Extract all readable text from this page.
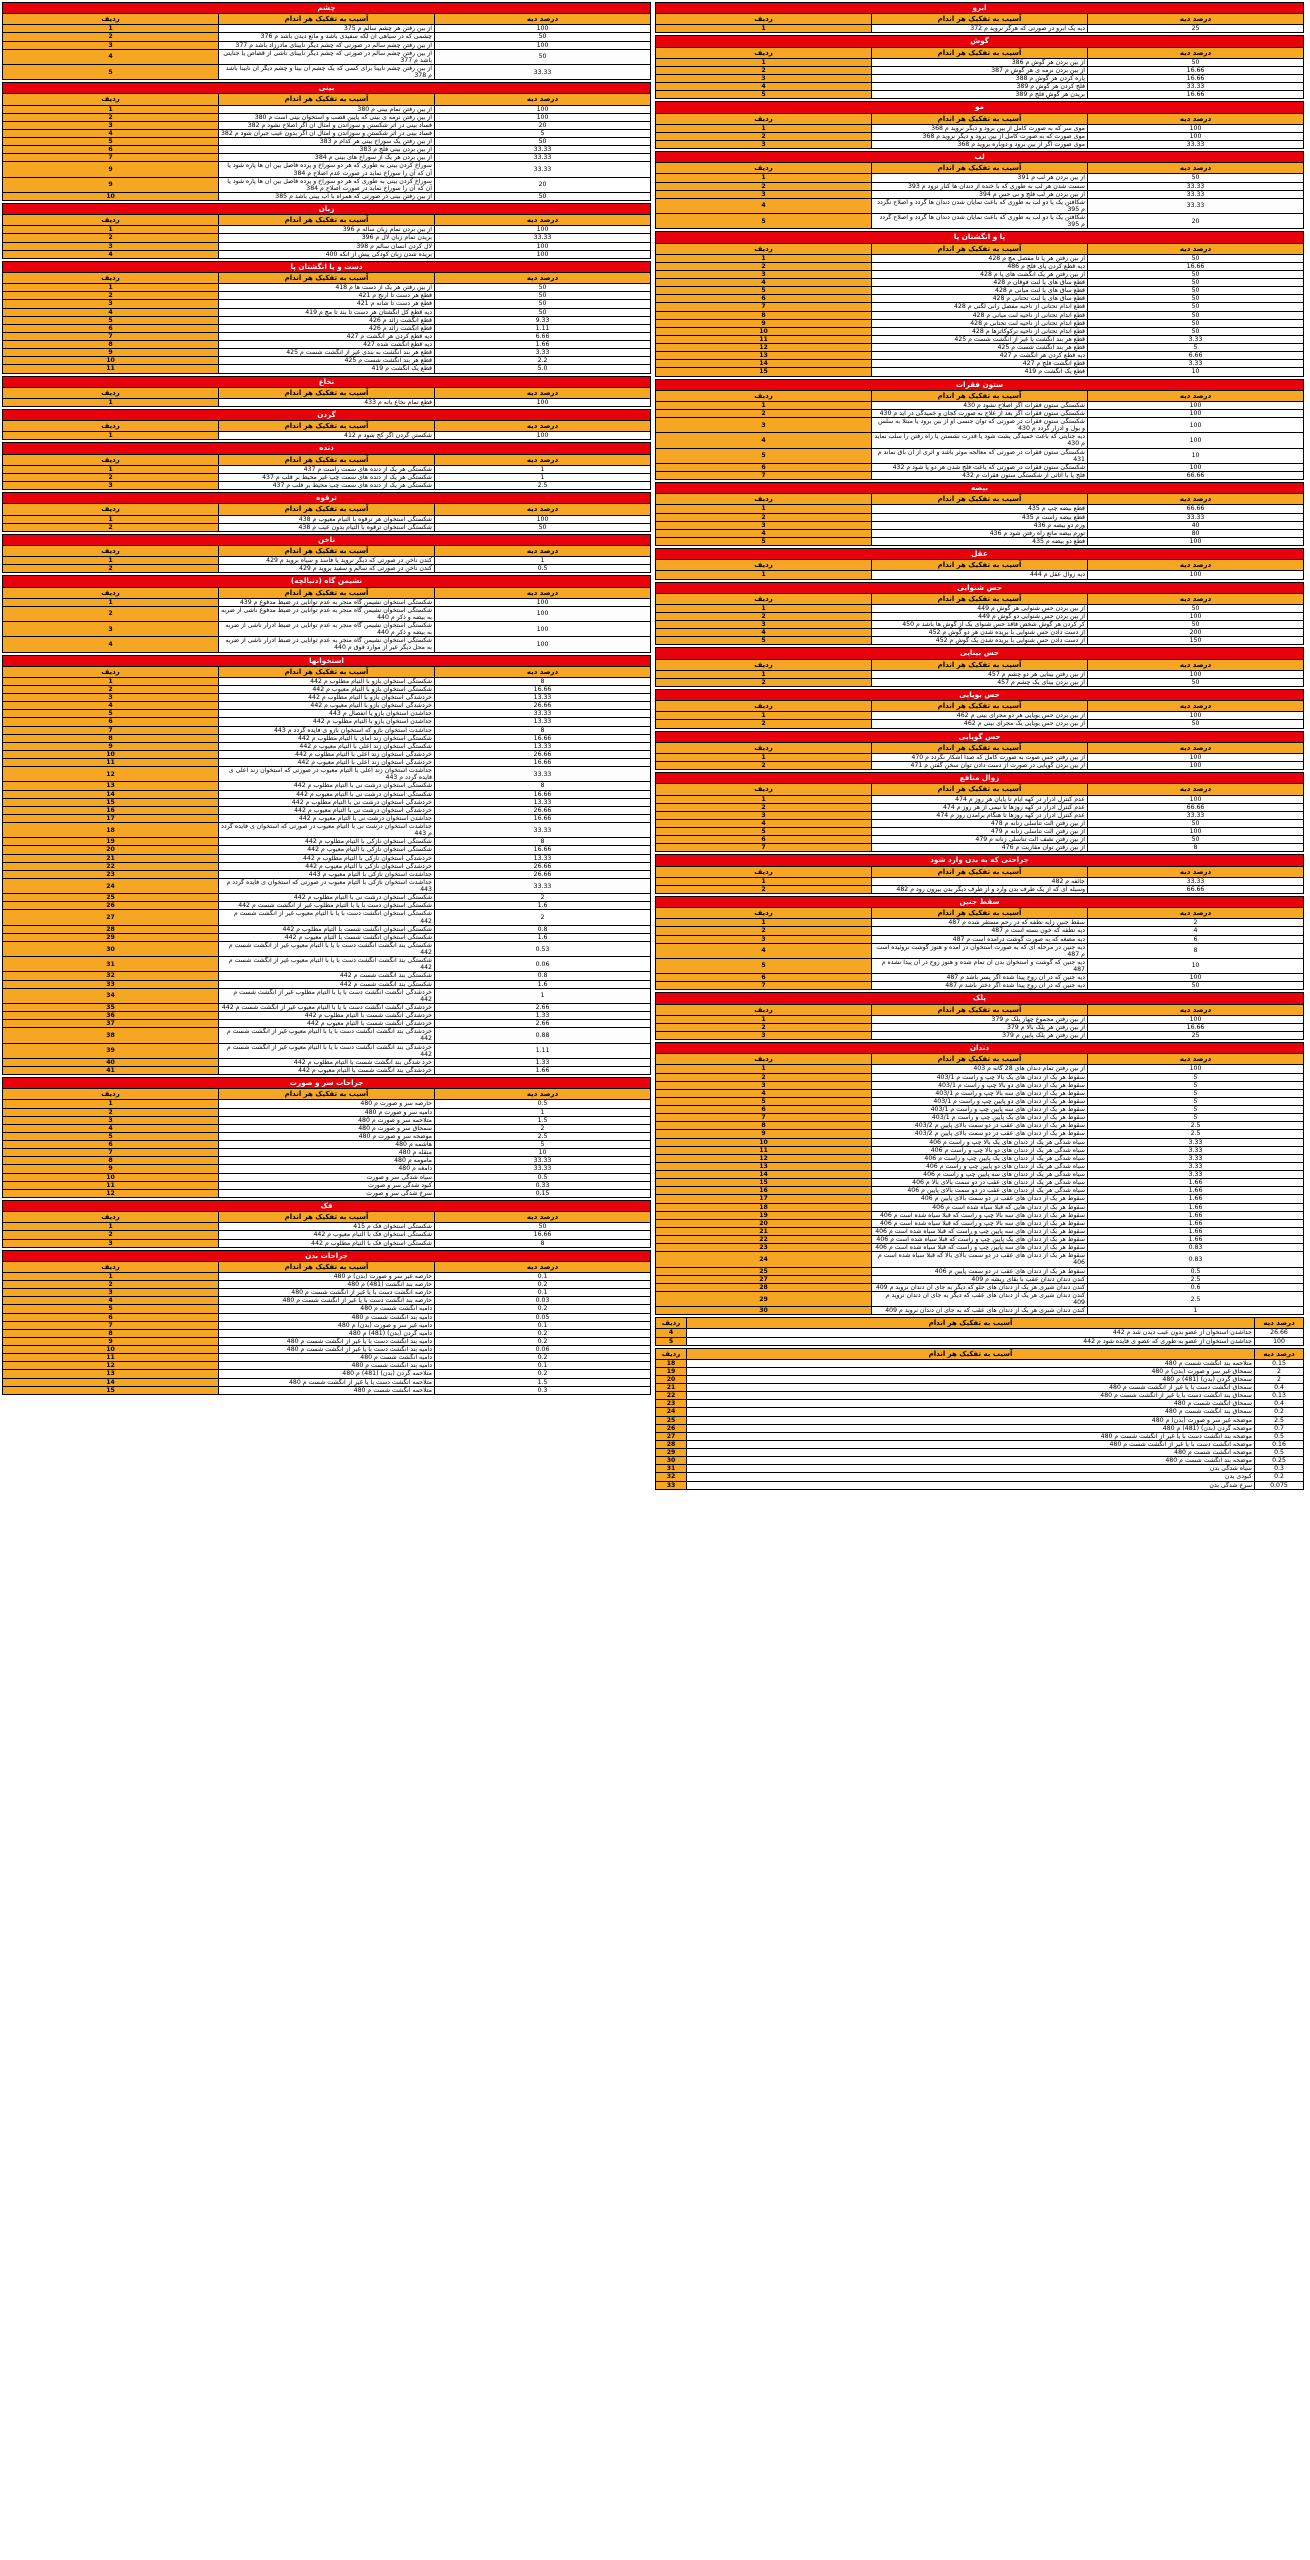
چشم		
درصد دیه	آسیب به تفکیک هر اندام	ردیف
100	از بین رفتن هر چشم سالم م 375	1
50	چشمی که در سیاهی آن لکه سفیدی باشد و مانع دیدن باشد م 376	2
100	از بین رفتن چشم سالم در صورتی که چشم دیگر نابینای مادرزاد باشد م 377	3
50	از بین رفتن چشم سالم در صورتی که چشم دیگر نابینای ناشی از قصاص یا جنایتی باشد م 377	4
33.33	از بین رفتن چشم نابینا برای کسی که یک چشم آن بینا و چشم دیگر آن نابینا باشد م 378	5
بینی		
درصد دیه	آسیب به تفکیک هر اندام	ردیف
100	از بین رفتن تمام بینی م 380	1
100	از بین رفتن نرمه ی بینی که پایین قصب و استخوان بینی است م 380	2
20	فساد بینی در اثر شکستن و سوزاندن و امثال آن اگر اصلاح نشود م 382	3
5	فساد بینی در اثر شکستن و سوزاندن و امثال آن اگر بدون عیب جبران شود م 382	4
50	از بین رفتن یک سوراخ بینی هر کدام م 383	5
33.33	از بین بردن بینی فلج م 383	6
33.33	از بین بردن هر یک از سوراخ های بینی م 384	7
33.33	سوراخ کردن بینی به طوری که هر دو سوراخ و پرده فاصل بین آن ها پاره شود یا آن که آن را سوراخ نماید در صورت عدم اصلاح م 384	9
20	سوراخ کردن بینی به طوری که هر دو سوراخ و پرده فاصل بین آن ها پاره شود یا آن که آن را سوراخ نماید در صورت اصلاح م 384	9
50	از بین رفتن بینی در صورتی که همراه با آب بینی باشد م 385	10
زبان		
درصد دیه	آسیب به تفکیک هر اندام	ردیف
100	از بین بردن تمام زبان ساله م 396	1
33.33	بریدن تمام زبان لال م 396	2
100	لال کردن انسان سالم م 398	3
100	بریده شدن زبان کودکی پیش از آنکه 400	4
دست و یا انگشتان پا		
درصد دیه	آسیب به تفکیک هر اندام	ردیف
50	از بین رفتن هر یک از دست ها م 418	1
50	قطع هر دست تا آرنج م 421	2
50	قطع هر دست تا شانه م 421	3
50	دیه قطع کل انگشتان هر دست تا بند تا مچ م 419	4
9.33	قطع انگشت زائد م 426	5
1.11	قطع انگشت زائد م 426	6
6.66	دیه قطع کردن هر انگشت م 427	7
1.66	دیه قطع انگشت شده 427	8
3.33	قطع هر بند انگشت به بندی غیر از انگشت شست م 425	9
2.2	قطع هر بند انگشت شست م 425	10
5.0	قطع یک انگشت م 419	11
نخاع		
درصد دیه	آسیب به تفکیک هر اندام	ردیف
100	قطع تمام نخاع بانه م 433	1
گردن		
درصد دیه	آسیب به تفکیک هر اندام	ردیف
100	شکستن گردن اگر کج شود م 412	1
دنده		
درصد دیه	آسیب به تفکیک هر اندام	ردیف
1	شکستگی هر یک از دنده های سمت راست م 437	1
1	شکستگی هر یک از دنده های سمت چپ غیر محیط بر قلب م 437	2
2.5	شکستگی هر یک از دنده های سمت چپ محیط بر قلب م 437	3
ترقوه		
درصد دیه	آسیب به تفکیک هر اندام	ردیف
100	شکستگی استخوان هر ترقوه با التیام معیوب م 438	1
50	شکستگی استخوان ترقوه با التیام بدون عیب م 438	2
ناخن		
درصد دیه	آسیب به تفکیک هر اندام	ردیف
1	کندن ناخن در صورتی که دیگر نروید یا فاسد و سیاه بروید م 429	1
0.5	کندن ناخن در صورتی که سالم و سفید بروید م 429	2
نشیمن گاه (دنبالچه)		
درصد دیه	آسیب به تفکیک هر اندام	ردیف
100	شکستگی استخوان نشیمن گاه منجر به عدم توانایی در ضبط مدفوع م 439	1
100	شکستگی استخوان نشیمن گاه منجر به عدم توانایی در ضبط مدفوع ناشی از ضربه به بیضه و ذکر م 440	2
100	شکستگی استخوان نشیمن گاه منجر به عدم توانایی در ضبط ادرار ناشی از ضربه به بیضه و ذکر م 440	3
100	شکستگی استخوان نشیمن گاه منجر به عدم توانایی در ضبط ادرار ناشی از ضربه به محل دیگر غیر از موارد فوق م 440	4
استخوانها		
درصد دیه	آسیب به تفکیک هر اندام	ردیف
8	شکستگی استخوان بازو با التیام مطلوب م 442	1
16.66	شکستگی استخوان بازو با التیام معیوب م 442	2
13.33	خردشدگی استخوان بازو با التیام مطلوب م 442	3
26.66	خردشدگی استخوان بازو با التیام معیوب م 442	4
33.33	جداشدن استخوان بازو یا انفصال م 443	5
13.33	جداشدن استخوان بازو با التیام مطلوب م 442	6
8	جداشدت استخوان بازو که استخوان بازو ی فایده گردد م 443	7
16.66	شکستگی استخوان زند امای با التیام مطلوب م 442	8
13.33	شکستگی استخوان زند اعلی با التیام معیوب م 442	9
26.66	خردشدگی استخوان زند اعلی با التیام مطلوب م 442	10
16.66	خردشدگی استخوان زند اعلی با التیام معیوب م 442	11
33.33	جداشدت استخوان زند اعلی با التیام معیوب در صورتی که استخوان زند اعلی ی فایده گردد م 443	12
8	شکستگی استخوان درشت نی با التیام مطلوب م 442	13
16.66	شکستگی استخوان درشت نی با التیام معیوب م 442	14
13.33	خردشدگی استخوان درشت نی با التیام مطلوب م 442	15
26.66	خردشدگی استخوان درشت نی با التیام معیوب م 442	16
16.66	جداشدن استخوان درشت نی با التیام معیوب م 442	17
33.33	جداشدت استخوان درشت نی با التیام معیوب در صورتی که استخوان ی فایده گردد م 443	18
8	شکستگی استخوان نازکی با التیام مطلوب م 442	19
16.66	شکستگی استخوان نازکی با التیام معیوب م 442	20
13.33	خردشدگی استخوان نازکی با التیام مطلوب م 442	21
26.66	خردشدگی استخوان نازکی با التیام معیوب م 442	22
26.66	جداشدت استخوان نازکی با التیام معیوب م 443	23
33.33	جداشدت استخوان نازکی با التیام معیوب در صورتی که استخوان ی فایده گردد م 443	24
2	شکستگی استخوان درشت نی با التیام مطلوب م 442	25
1.6	شکستگی استخوان دست با یا با التیام مطلوب غیر از انگشت شست م 442	26
2	شکستگی استخوان انگشت دست با یا با التیام معیوب غیر از انگشت شست م 442	27
0.8	شکستگی استخوان انگشت شست با التیام مطلوب م 442	28
1.6	شکستگی استخوان انگشت شست با التیام معیوب م 442	29
0.53	شکستگی بند انگشت انگشت دست با یا با التیام معیوب غیر از انگشت شست م 442	30
0.06	شکستگی بند انگشت انگشت دست با یا با التیام معیوب غیر از انگشت شست م 442	31
0.8	شکستگی بند انگشت شست م 442	32
1.6	شکستگی بند انگشت شست م 442	33
1	خردشدگی انگشت انگشت دست با یا با التیام مطلوب غیر از انگشت شست م 442	34
2.66	خردشدگی انگشت انگشت دست با یا با التیام معیوب غیر از انگشت شست م 442	35
1.33	خردشدگی انگشت شست با التیام مطلوب م 442	36
2.66	خردشدگی انگشت شست با التیام معیوب م 442	37
0.88	خردشدگی بند انگشت انگشت دست با یا با التیام معیوب غیر از انگشت شست م 442	38
1.11	خردشدگی بند انگشت انگشت دست با یا با التیام معیوب غیر از انگشت شست م 442	39
1.33	خرد شدگی بند انگشت شست با التیام مطلوب م 442	40
1.66	خردشدگی بند انگشت شست با التیام معیوب م 442	41
جراحات سر و صورت		
درصد دیه	آسیب به تفکیک هر اندام	ردیف
0.5	حارصه سر و صورت م 480	1
1	دامیه سر و صورت م 480	2
1.5	متلاحمه سر و صورت م 480	3
2	سمحاق سر و صورت م 480	4
2.5	موضحه سر و صورت م 480	5
5	هاشمه م 480	6
10	منقله م 480	7
33.33	مأمومه م 480	8
33.33	دامغه م 480	9
0.5	سیاه شدگی سر و صورت	10
0.33	کبود شدگی سر و صورت	11
0.15	سرخ شدگی سر و صورت	12
فک		
درصد دیه	آسیب به تفکیک هر اندام	ردیف
50	شکستگی استخوان فک م 415	1
16.66	شکستگی استخوان فک با التیام معیوب م 442	2
8	شکستگی استخوان فک با التیام مطلوب م 442	3
جراحات بدن		
درصد دیه	آسیب به تفکیک هر اندام	ردیف
0.1	حارصه غیر سر و صورت (بدن) م 480	1
0.2	حارصه بند انگشت (481) م 480	2
0.1	حارصه انگشت دست با یا غیر از انگشت شست م 480	3
0.03	حارصه بند انگشت دست با یا غیر از انگشت شست م 480	4
0.2	دامیه انگشت شست م 480	5
0.05	دامیه بند انگشت شست م 480	6
0.1	دامیه غیر سر و صورت (بدن) م 480	7
0.2	دامیه گردن (بدن) (481) م 480	8
0.2	دامیه بند انگشت دست با یا غیر از انگشت شست م 480	9
0.06	دامیه بند انگشت دست با یا غیر از انگشت شست م 480	10
0.2	دامیه انگشت شست م 480	11
0.1	دامیه بند انگشت شست م 480	12
0.2	متلاحمه گردن (بدن) (481) م 480	13
1.5	متلاحمه انگشت دست با یا غیر از انگشت شست م 480	14
0.3	متلاحمه انگشت شست م 480	15
ابرو		
درصد دیه	آسیب به تفکیک هر اندام	ردیف
25	دیه یک ابرو در صورتی که هرگز نروید م 372	1
گوش		
درصد دیه	آسیب به تفکیک هر اندام	ردیف
50	از بین بردن هر گوش م 386	1
16.66	از بین بردن نرمه ی هر گوش م 387	2
16.66	پاره کردن هر گوش م 388	3
33.33	فلج کردن هر گوش م 389	4
16.66	بریدن هر گوش فلج م 389	5
مو		
درصد دیه	آسیب به تفکیک هر اندام	ردیف
100	موی سر که به صورت کامل از بین برود و دیگر نروید م 368	1
100	موی صورت که به صورت کامل از بین برود و دیگر نروید م 368	2
33.33	موی صورت اگر از بین برود و دوباره بروید م 368	3
لب		
درصد دیه	آسیب به تفکیک هر اندام	ردیف
50	از بین بردن هر لب م 391	1
33.33	سست شدن هر لب به طوری که با خنده از دندان ها کنار نرود م 393	2
33.33	از بین بردن هر لب فلج و بی حس م 394	3
33.33	شکافتن یک یا دو لب به طوری که باعث نمایان شدن دندان ها گردد و اصلاح نگردد م 395	4
20	شکافتن یک یا دو لب به طوری که باعث نمایان شدن دندان ها گردد و اصلاح گردد م 395	5
پا و انگشتان پا		
درصد دیه	آسیب به تفکیک هر اندام	ردیف
50	از بین رفتن هر پا تا مفصل مچ م 428	1
16.66	دیه قطع کردن پای فلج م 486	2
50	از بین رفتن هر یک انگشت های پا م 428	3
50	قطع ساق های پا لنت فوقان م 428	4
50	قطع ساق های پا لنت میانی م 428	5
50	قطع ساق های پا لنت تحتانی م 428	6
50	قطع اندام تحتانی از ناحیه مفصل رانی لگنی م 428	7
50	قطع اندام تحتانی از ناحیه لنت میانی م 428	8
50	قطع اندام تحتانی از ناحیه لنت تحتانی م 428	9
50	قطع اندام تحتانی از ناحیه ترکوکاترها م 428	10
3.33	قطع هر بند انگشت پا غیر از انگشت شست م 425	11
5	قطع هر بند انگشت شست م 425	12
6.66	دیه قطع کردن هر انگشت م 427	13
3.33	قطع انگشت فلج م 427	14
10	قطع یک انگشت م 419	15
ستون فقرات		
درصد دیه	آسیب به تفکیک هر اندام	ردیف
100	شکستگی ستون فقرات اگر اصلاح نشود م 430	1
100	شکستگی ستون فقرات اگر بعد از علاج به صورت کجان و خمیدگی در آید م 430	2
100	شکستگی ستون فقرات در صورتی که توان جنسی او از بین برود یا مبتلا به سلس و بول و ادرار گردد م 430	3
100	دیه جنایتی که باعث خمیدگی پشت شود یا قدرت نشستن یا راه رفتن را سلب نماید م 430	4
10	شکستگی ستون فقرات در صورتی که معالجه موثر باشد و اثری از آن باق نماند م 431	5
100	شکستگی ستون فقرات در صورتی که باعث فلج شدن هر دو پا شود م 432	6
66.66	فلج پا با اثاثی از شکستگی ستون فقرات م 432	7
بیضه		
درصد دیه	آسیب به تفکیک هر اندام	ردیف
66.66	قطع بیضه چپ م 435	1
33.33	قطع بیضه راست م 435	2
40	ورم دو بیضه م 436	3
80	تورم بیضه مانع راه رفتن شود م 436	4
100	قطع دو بیضه م 435	5
عقل		
درصد دیه	آسیب به تفکیک هر اندام	ردیف
100	دیه زوال عقل م 444	1
حس شنوایی		
درصد دیه	آسیب به تفکیک هر اندام	ردیف
50	از بین بردن حس شنوایی هر گوش م 449	1
100	از بین بردن حس شنوایی دو گوش م 449	2
50	کر کردن هر گوش شخص فاقد حس شنوای یک از گوش ها باشد م 450	3
200	از دست دادن حس شنوایی با بریده شدن هر دو گوش م 452	4
150	از دست دادن حس شنوایی با بریده شدن یک گوش م 452	5
حس بینایی		
درصد دیه	آسیب به تفکیک هر اندام	ردیف
100	از بین رفتن بینایی هر دو چشم م 457	1
50	از بین بردن بینای یک چشم م 457	2
حس بویایی		
درصد دیه	آسیب به تفکیک هر اندام	ردیف
100	از بین بردن حس بویایی هر دو مجرای بینی م 462	1
50	از بین بردن حس بویایی یک مجرای بینی م 462	2
حس گویایی		
درصد دیه	آسیب به تفکیک هر اندام	ردیف
100	از بین رفتن حس صوت به صورت کامل که صدا آشکار نگردد م 470	1
100	از بین بردن گویایی در صورت از دست دادن توان سخن گفتن م 471	2
زوال منافع		
درصد دیه	آسیب به تفکیک هر اندام	ردیف
100	عدم کنترل ادرار در کهه ایام تا پایان هر روز م 474	1
66.66	عدم کنترل ادرار در کهه روزها تا نیمی از هر روز م 474	2
33.33	عدم کنترل ادرار در کهه روزها تا هنگام برآمدن روز م 474	3
50	از بین رفتن آلت تناسلی زنانه م 478	4
100	از بین رفتن آلت تناسلی زنانه م 479	5
50	از بین رفتن نصف آلت تناسلی زنانه م 479	6
8	از بین رفتن توان مقاربت م 476	7
جراحتی که به بدن وارد شود		
درصد دیه	آسیب به تفکیک هر اندام	ردیف
33.33	جائفه م 482	1
66.66	وسیله ای که از یک طرف بدن وارد و از طرف دیگر بدن بیرون رود م 482	2
سقط جنین		
درصد دیه	آسیب به تفکیک هر اندام	ردیف
2	سقط جنین زایه نطفه که در رحم مستقر شده م 487	1
4	دیه نطفه که خون بسته است م 487	2
6	دیه مضغه که به صورت گوشت درآمده است م 487	3
8	دیه جنین در مرحله ای که به صورت استخوان در آمده و هنوز گوشت نروئیده است م 487	4
10	دیه جنین که گوشت و استخوان بدن آن تمام شده و هنوز روح در آن پیدا نشده م 487	5
100	دیه جنین که در آن روح پیدا شده اگر پسر باشد م 487	6
50	دیه جنین که در آن روح پیدا شده اگر دختر باشد م 487	7
پلک		
درصد دیه	آسیب به تفکیک هر اندام	ردیف
100	از بین رفتن مجموع چهار پلک م 379	1
16.66	از بین رفتن هر پلک بالا م 379	2
25	از بین رفتن هر پلک پایین م 379	3
دندان		
درصد دیه	آسیب به تفکیک هر اندام	ردیف
100	از بین رفتن تمام دندان های 28 گانه م 403	1
5	سقوط هر یک از دندان های یک بالا چپ و راست م 403/1	2
5	سقوط هر یک از دندان های دو بالا چپ و راست م 403/1	3
5	سقوط هر یک از دندان های سه بالا چپ و راست م 403/1	4
5	سقوط هر یک از دندان های دو پایین چپ و راست م 403/1	5
5	سقوط هر یک از دندان های سه پایین چپ و راست م 403/1	6
5	سقوط هر یک از دندان های یک پایین چپ و راست م 403/1	7
2.5	سقوط هر یک از دندان های عقب در دو سمت بالای پایین م 403/2	8
2.5	سقوط هر یک از دندان های عقب در دو سمت بالای پایین م 403/2	9
3.33	سیاه شدگی هر یک از دندان های یک بالا چپ و راست م 406	10
3.33	سیاه شدگی هر یک از دندان های دو بالا چپ و راست م 406	11
3.33	سیاه شدگی هر یک از دندان های یک پایین چپ و راست م 406	12
3.33	سیاه شدگی هر یک از دندان های دو پایین چپ و راست م 406	13
3.33	سیاه شدگی هر یک از دندان های سه پایین چپ و راست م 406	14
1.66	سیاه شدگی هر یک از دندان های عقب در دو سمت بالای بالا م 406	15
1.66	سیاه شدگی هر یک از دندان های عقب در دو سمت بالای پایین م 406	16
1.66	سقوط هر یک از دندان های عقب در دو سمت بالای پایین م 406	17
1.66	سقوط هر یک از دندان هایی که قبلا سیاه شده است م 406	18
1.66	سقوط هر یک از دندان های سه بالا چپ و راست که قبلا سیاه شده است م 406	19
1.66	سقوط هر یک از دندان های سه بالا چپ و راست که قبلا سیاه شده است م 406	20
1.66	سقوط هر یک از دندان های سه پایین چپ و راست که قبلا سیاه شده است م 406	21
1.66	سقوط هر یک از دندان های یک پایین چپ و راست که قبلا سیاه شده است م 406	22
0.83	سقوط هر یک از دندان های سه پایین چپ و راست که قبلا سیاه شده است م 406	23
0.83	سقوط هر یک از دندان های عقب در دو سمت بالای بالا که قبلا سیاه شده است م 406	24
0.5	سقوط هر یک از دندان های عقب در دو سمت پایین م 406	25
2.5	کندن دندان دندان عقب با بقای ریشه م 409	27
0.6	کندن دندان شیری هر یک از دندان های جلو که دیگر به جای آن دندان نروید م 409	28
2.5	کندن دندان شیری هر یک از دندان های عقب که دیگر به جای آن دندان نروید م 409	29
1	کندن دندان شیری هر یک از دندان های عقب که به جای آن دندان نروید م 409	30
درصد دیه	آسیب به تفکیک هر اندام	ردیف
26.66	جداشدن استخوان از عضو بدون عیب دیدن شد م 442	4
100	جداشدن استخوان از عضو به طوری که عضو ی فایده شود م 442	5
درصد دیه	آسیب به تفکیک هر اندام	ردیف
0.15	متلاحمه بند انگشت شست م 480	18
2	سمحاق غیر سر و صورت (بدن) م 480	19
2	سمحاق گردن (بدن) (481) م 480	20
0.4	سمحاق انگشت دست با یا غیر از انگشت شست م 480	21
0.13	سمحاق بند انگشت دست با یا غیر از انگشت شست م 480	22
0.4	سمحاق انگشت شست م 480	23
0.2	سمحاق بند انگشت شست م 480	24
2.5	موضحه غیر سر و صورت (بدن) م 480	25
0.7	موضحه گردن (بدن) (481) م 480	26
0.5	موضحه بند انگشت دست با یا غیر از انگشت شست م 480	27
0.16	موضحه انگشت دست با یا غیر از انگشت شست م 480	28
0.5	موضحه انگشت شست م 480	29
0.25	موضحه بند انگشت شست م 480	30
0.3	سیاه شدگی بدن	31
0.2	کبودی بدن	32
0.075	سرخ شدگی بدن	33
